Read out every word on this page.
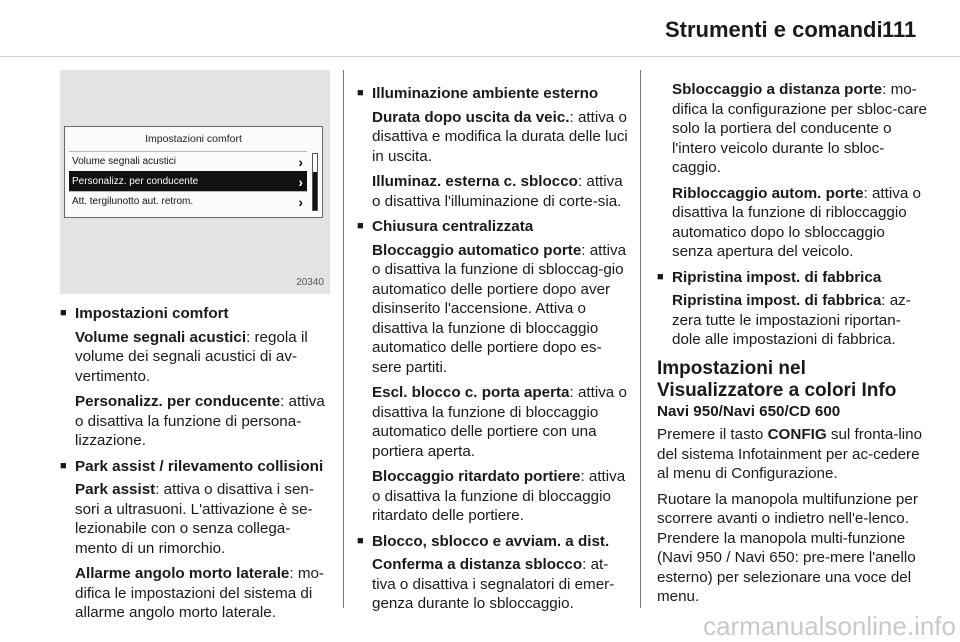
Strumenti e comandi 111
Impostazioni comfort
Volume segnali acustici	›
Personalizz. per conducente	›
Att. tergilunotto aut. retrom.	›
20340
■ Impostazioni comfort

Volume segnali acustici: regola il volume dei segnali acustici di av-vertimento.

Personalizz. per conducente: attiva o disattiva la funzione di persona-lizzazione.

■ Park assist / rilevamento collisioni

Park assist: attiva o disattiva i sen-sori a ultrasuoni. L'attivazione è se-lezionabile con o senza collega-mento di un rimorchio.

Allarme angolo morto laterale: mo-difica le impostazioni del sistema di allarme angolo morto laterale.

■ Illuminazione ambiente esterno

Durata dopo uscita da veic.: attiva o disattiva e modifica la durata delle luci in uscita.

Illuminaz. esterna c. sblocco: attiva o disattiva l'illuminazione di corte-sia.

■ Chiusura centralizzata

Bloccaggio automatico porte: attiva o disattiva la funzione di sbloccag-gio automatico delle portiere dopo aver disinserito l'accensione. Attiva o disattiva la funzione di bloccaggio automatico delle portiere dopo es-sere partiti.

Escl. blocco c. porta aperta: attiva o disattiva la funzione di bloccaggio automatico delle portiere con una portiera aperta.

Bloccaggio ritardato portiere: attiva o disattiva la funzione di bloccaggio ritardato delle portiere.

■ Blocco, sblocco e avviam. a dist.

Conferma a distanza sblocco: at-tiva o disattiva i segnalatori di emer-genza durante lo sbloccaggio.

Sbloccaggio a distanza porte: mo-difica la configurazione per sbloc-care solo la portiera del conducente o l'intero veicolo durante lo sbloc-caggio.

Ribloccaggio autom. porte: attiva o disattiva la funzione di ribloccaggio automatico dopo lo sbloccaggio senza apertura del veicolo.

■ Ripristina impost. di fabbrica

Ripristina impost. di fabbrica: az-zera tutte le impostazioni riportan-dole alle impostazioni di fabbrica.

Impostazioni nel Visualizzatore a colori Info
Navi 950/Navi 650/CD 600

Premere il tasto CONFIG sul fronta-lino del sistema Infotainment per ac-cedere al menu di Configurazione.

Ruotare la manopola multifunzione per scorrere avanti o indietro nell'e-lenco. Prendere la manopola multi-funzione (Navi 950 / Navi 650: pre-mere l'anello esterno) per selezionare una voce del menu.

carmanualsonline.info
